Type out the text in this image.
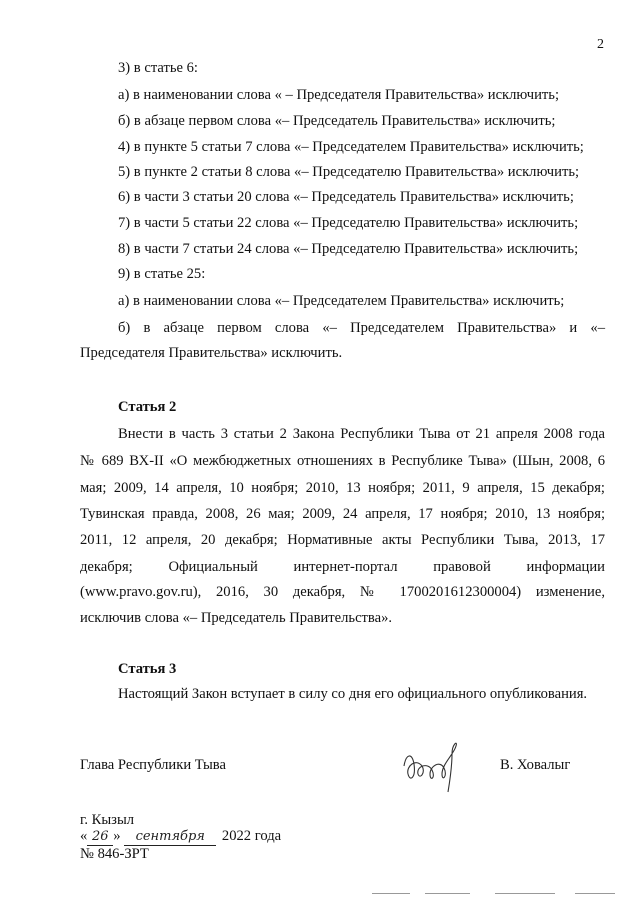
2
3) в статье 6:
а) в наименовании слова « – Председателя Правительства» исключить;
б) в абзаце первом слова «– Председатель Правительства» исключить;
4) в пункте 5 статьи 7 слова «– Председателем Правительства» исключить;
5) в пункте 2 статьи 8 слова «– Председателю Правительства» исключить;
6) в части 3 статьи 20 слова «– Председатель Правительства» исключить;
7) в части 5 статьи 22 слова «– Председателю Правительства» исключить;
8) в части 7 статьи 24 слова «– Председателю Правительства» исключить;
9) в статье 25:
а) в наименовании слова «– Председателем Правительства» исключить;
б) в абзаце первом слова «– Председателем Правительства» и «–
Председателя Правительства» исключить.
Статья 2
Внести в часть 3 статьи 2 Закона Республики Тыва от 21 апреля 2008 года
№ 689 ВХ-II «О межбюджетных отношениях в Республике Тыва» (Шын, 2008, 6
мая; 2009, 14 апреля, 10 ноября; 2010, 13 ноября; 2011, 9 апреля, 15 декабря;
Тувинская правда, 2008, 26 мая; 2009, 24 апреля, 17 ноября; 2010, 13 ноября;
2011, 12 апреля, 20 декабря; Нормативные акты Республики Тыва, 2013, 17
декабря; Официальный интернет-портал правовой информации
(www.pravo.gov.ru), 2016, 30 декабря, № 1700201612300004) изменение,
исключив слова «– Председатель Правительства».
Статья 3
Настоящий Закон вступает в силу со дня его официального опубликования.
Глава Республики Тыва	В. Ховалыг
г. Кызыл
« 26 » сентября 2022 года
№ 846-ЗРТ
